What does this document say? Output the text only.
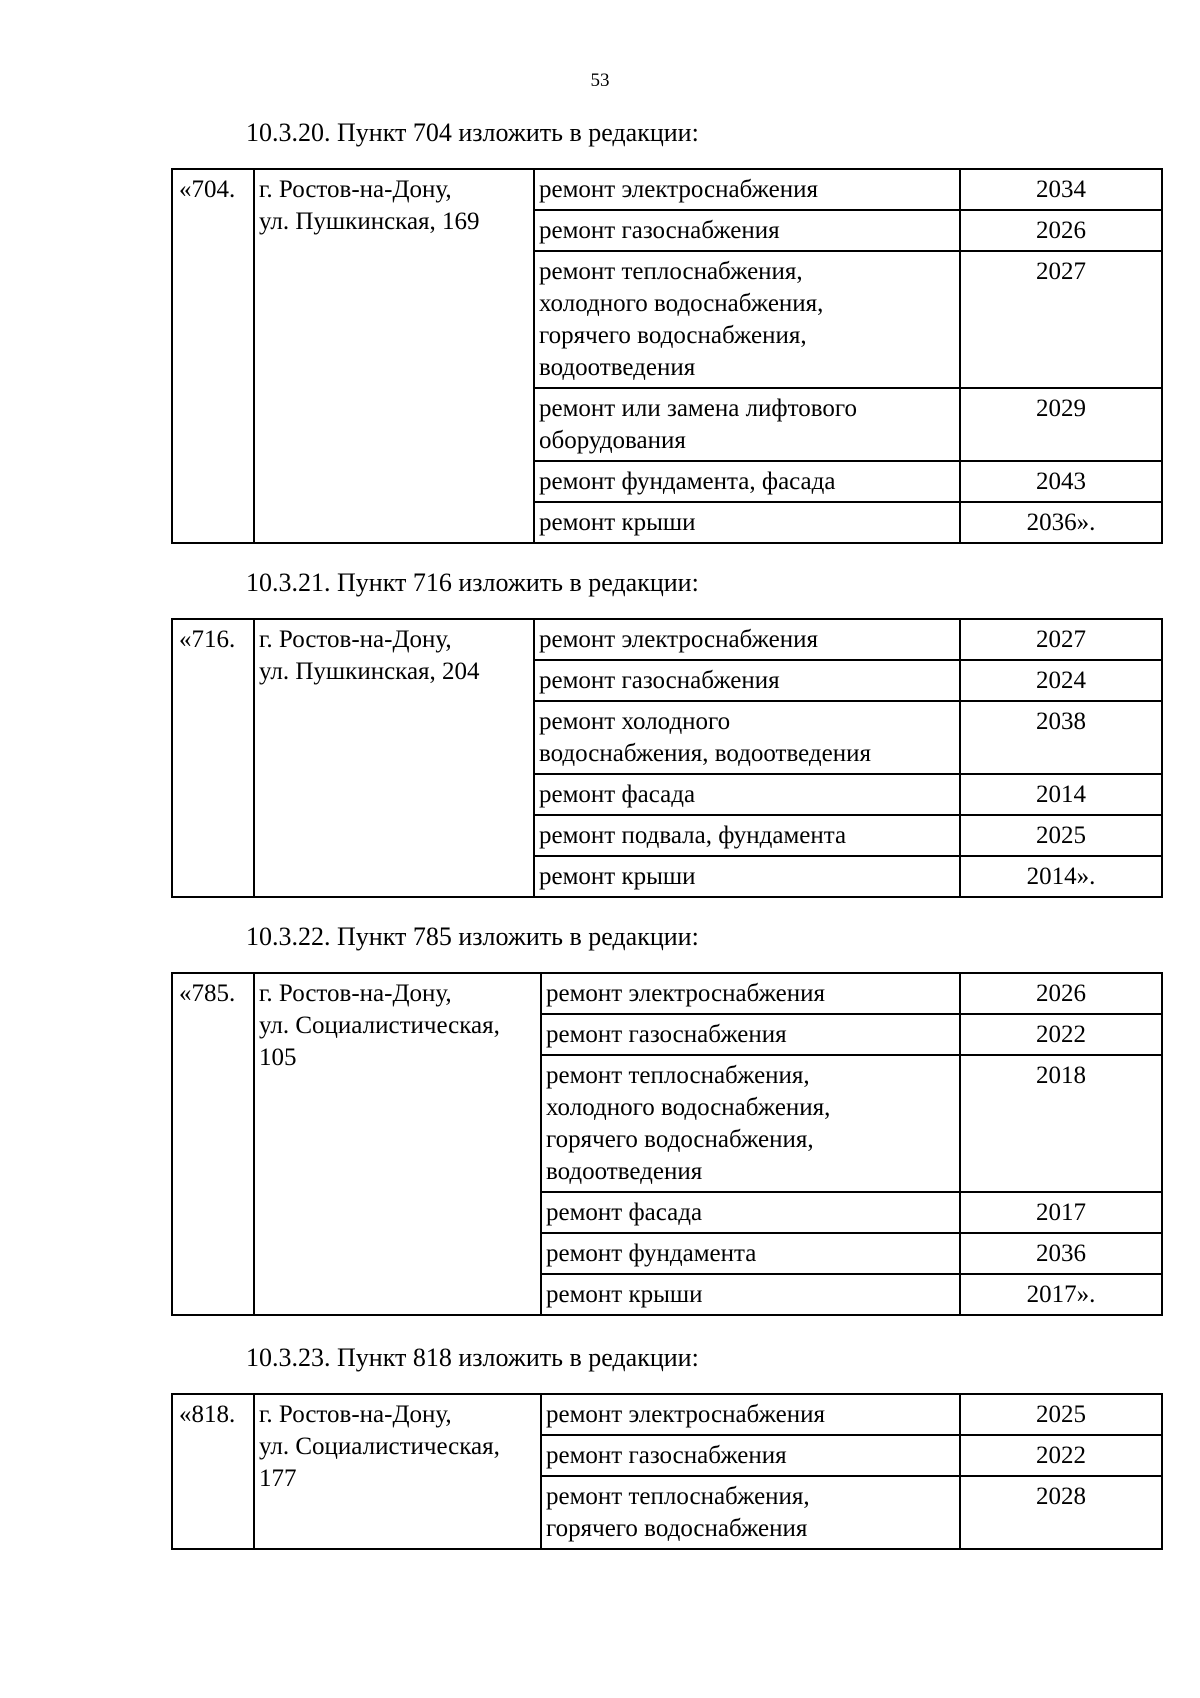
53
10.3.20. Пункт 704 изложить в редакции:
«704.	г. Ростов-на-Дону,
ул. Пушкинская, 169	ремонт электроснабжения	2034
		ремонт газоснабжения	2026
		ремонт теплоснабжения,
холодного водоснабжения,
горячего водоснабжения,
водоотведения	2027
		ремонт или замена лифтового
оборудования	2029
		ремонт фундамента, фасада	2043
		ремонт крыши	2036».
10.3.21. Пункт 716 изложить в редакции:
«716.	г. Ростов-на-Дону,
ул. Пушкинская, 204	ремонт электроснабжения	2027
		ремонт газоснабжения	2024
		ремонт холодного
водоснабжения, водоотведения	2038
		ремонт фасада	2014
		ремонт подвала, фундамента	2025
		ремонт крыши	2014».
10.3.22. Пункт 785 изложить в редакции:
«785.	г. Ростов-на-Дону,
ул. Социалистическая,
105	ремонт электроснабжения	2026
		ремонт газоснабжения	2022
		ремонт теплоснабжения,
холодного водоснабжения,
горячего водоснабжения,
водоотведения	2018
		ремонт фасада	2017
		ремонт фундамента	2036
		ремонт крыши	2017».
10.3.23. Пункт 818 изложить в редакции:
«818.	г. Ростов-на-Дону,
ул. Социалистическая,
177	ремонт электроснабжения	2025
		ремонт газоснабжения	2022
		ремонт теплоснабжения,
горячего водоснабжения	2028
